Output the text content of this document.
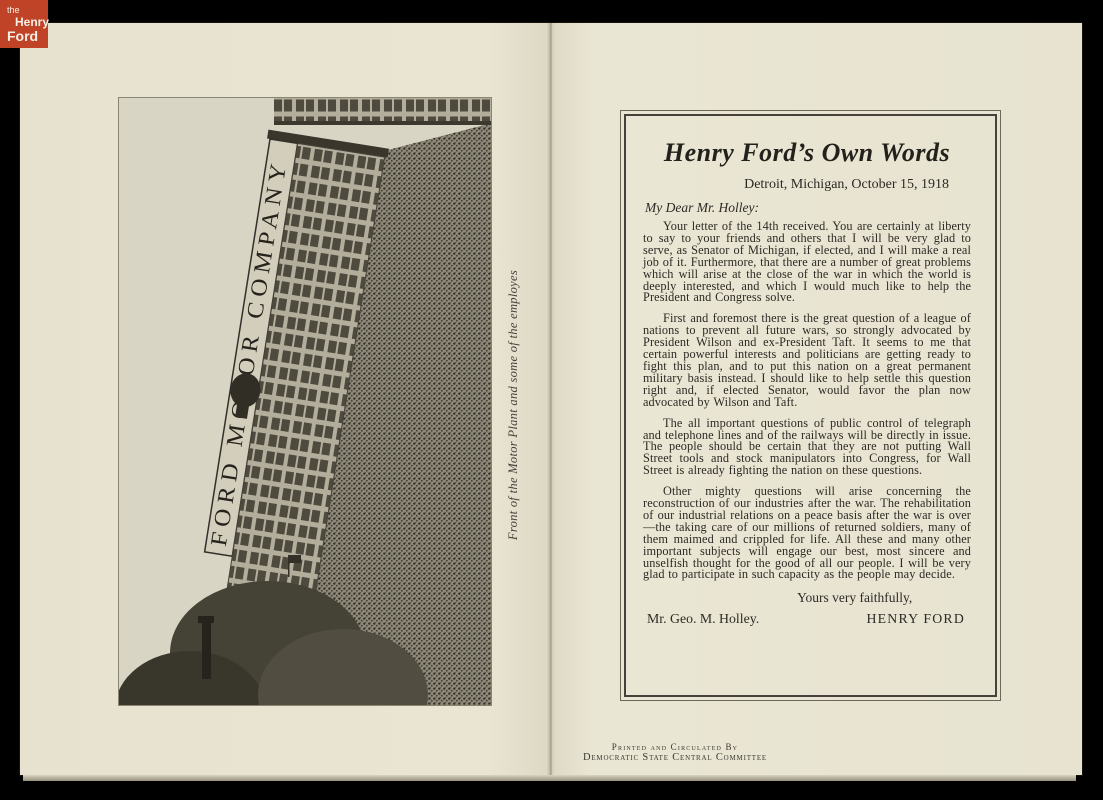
FORD MOTOR COMPANY	Front of the Motor Plant and some of the employes
Henry Ford’s Own Words
Detroit, Michigan, October 15, 1918
My Dear Mr. Holley:

Your letter of the 14th received. You are certainly at liberty to say to your friends and others that I will be very glad to serve, as Senator of Michigan, if elected, and I will make a real job of it. Furthermore, that there are a number of great problems which will arise at the close of the war in which the world is deeply interested, and which I would much like to help the President and Congress solve.

First and foremost there is the great question of a league of nations to prevent all future wars, so strongly advocated by President Wilson and ex-President Taft. It seems to me that certain powerful interests and politicians are getting ready to fight this plan, and to put this nation on a great permanent military basis instead. I should like to help settle this question right and, if elected Senator, would favor the plan now advocated by Wilson and Taft.

The all important questions of public control of telegraph and telephone lines and of the railways will be directly in issue. The people should be certain that they are not putting Wall Street tools and stock manipulators into Congress, for Wall Street is already fighting the nation on these questions.

Other mighty questions will arise concerning the reconstruction of our industries after the war. The rehabilitation of our industrial relations on a peace basis after the war is over—the taking care of our millions of returned soldiers, many of them maimed and crippled for life. All these and many other important subjects will engage our best, most sincere and unselfish thought for the good of all our people. I will be very glad to participate in such capacity as the people may decide.

Yours very faithfully,
Mr. Geo. M. Holley.	HENRY FORD
Printed and Circulated By
Democratic State Central Committee
the
Henry
Ford
